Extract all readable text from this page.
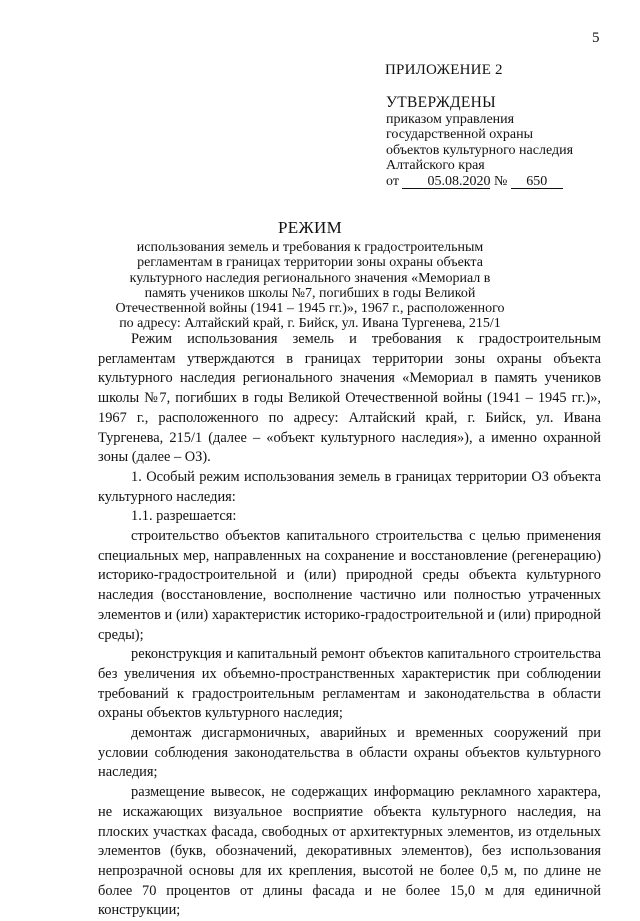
5
ПРИЛОЖЕНИЕ 2
УТВЕРЖДЕНЫ
приказом управления
государственной охраны
объектов культурного наследия
Алтайского края
от 05.08.2020 № 650
РЕЖИМ

использования земель и требования к градостроительным

регламентам в границах территории зоны охраны объекта

культурного наследия регионального значения «Мемориал в

память учеников школы №7, погибших в годы Великой

Отечественной войны (1941 – 1945 гг.)», 1967 г., расположенного

по адресу: Алтайский край, г. Бийск, ул. Ивана Тургенева, 215/1

Режим использования земель и требования к градостроительным регламентам утверждаются в границах территории зоны охраны объекта культурного наследия регионального значения «Мемориал в память учеников школы №7, погибших в годы Великой Отечественной войны (1941 – 1945 гг.)», 1967 г., расположенного по адресу: Алтайский край, г. Бийск, ул. Ивана Тургенева, 215/1 (далее – «объект культурного наследия»), а именно охранной зоны (далее – ОЗ).

1. Особый режим использования земель в границах территории ОЗ объекта культурного наследия:

1.1. разрешается:

строительство объектов капитального строительства с целью применения специальных мер, направленных на сохранение и восстановление (регенерацию) историко-градостроительной и (или) природной среды объекта культурного наследия (восстановление, восполнение частично или полностью утраченных элементов и (или) характеристик историко-градостроительной и (или) природной среды);

реконструкция и капитальный ремонт объектов капитального строительства без увеличения их объемно-пространственных характеристик при соблюдении требований к градостроительным регламентам и законодательства в области охраны объектов культурного наследия;

демонтаж дисгармоничных, аварийных и временных сооружений при условии соблюдения законодательства в области охраны объектов культурного наследия;

размещение вывесок, не содержащих информацию рекламного характера, не искажающих визуальное восприятие объекта культурного наследия, на плоских участках фасада, свободных от архитектурных элементов, из отдельных элементов (букв, обозначений, декоративных элементов), без использования непрозрачной основы для их крепления, высотой не более 0,5 м, по длине не более 70 процентов от длины фасада и не более 15,0 м для единичной конструкции;
